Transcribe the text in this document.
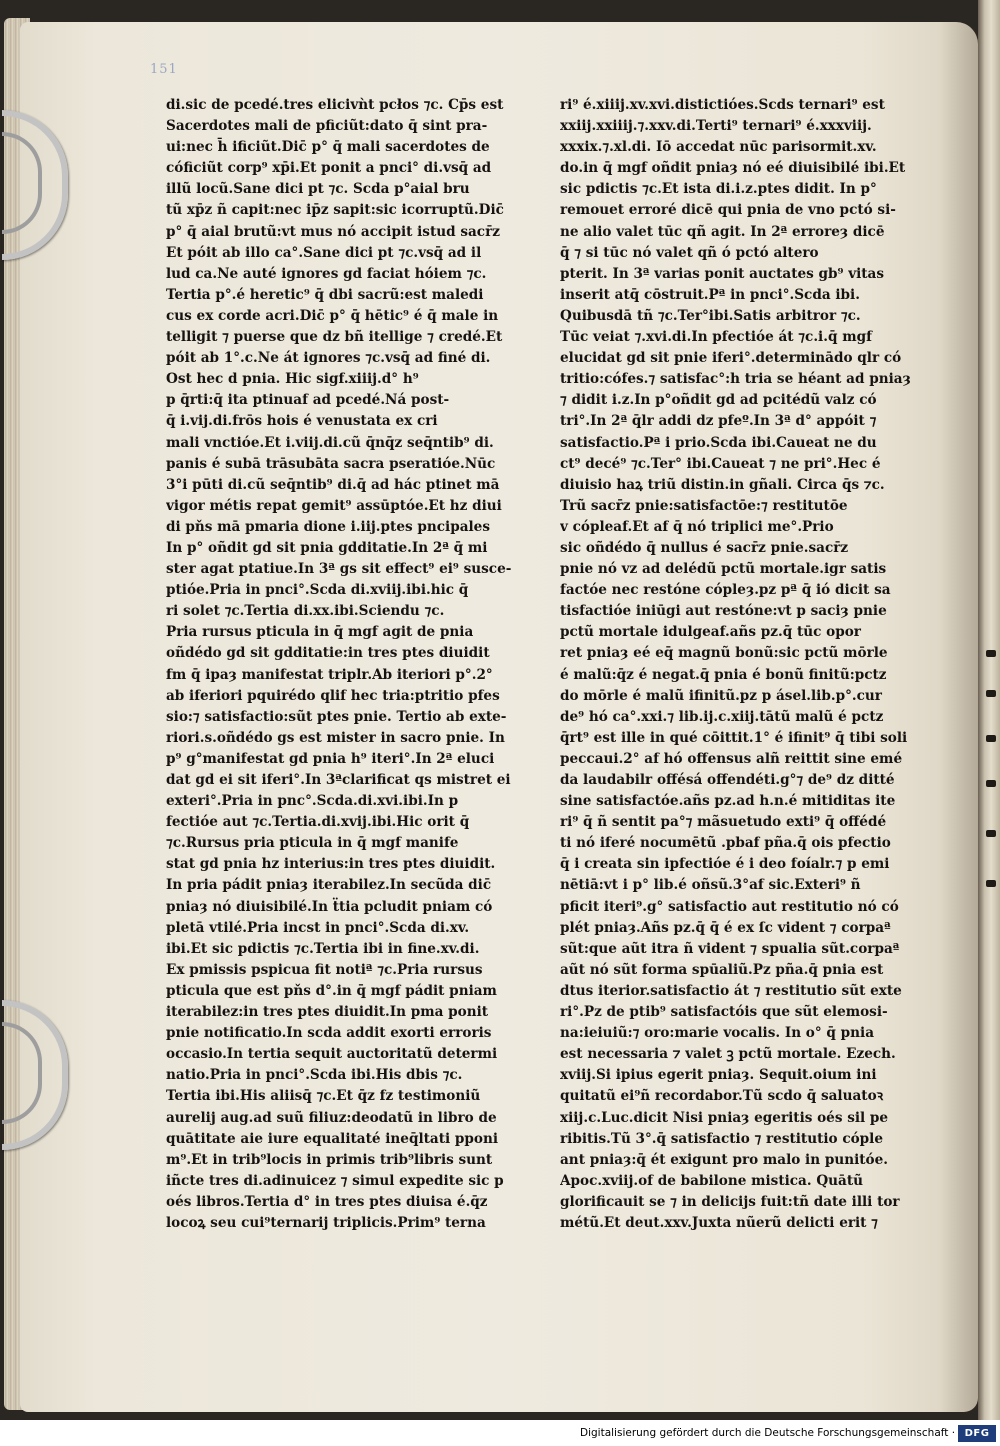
151
di.sic de pcedé.tres elicivǹt pcłos ⁊c. Cp̄s est
Sacerdotes mali de pficiũt:dato q̄ sint pra-
ui:nec h̄ ificiũt.Dic̄ p° q̄ mali sacerdotes de
cóficiũt corp⁹ xp̄i.Et ponit a pnci° di.vsq̄ ad
illũ locũ.Sane dici pt ⁊c. Scda p°aial bru
tũ xp̄z ñ capit:nec ip̄z sapit:sic icorruptũ.Dic̄
p° q̄ aial brutũ:vt mus nó accipit istud sacr̄z
Et póit ab illo ca°.Sane dici pt ⁊c.vsq̄ ad il
lud ca.Ne auté ignores gd faciat hóiem ⁊c.
Tertia p°.é heretic⁹ q̄ dbi sacrũ:est maledi
cus ex corde acri.Dic̄ p° q̄ hētic⁹ é q̄ male in
telligit ⁊ puerse que dz bñ itellige ⁊ credé.Et
póit ab 1°.c.Ne át ignores ⁊c.vsq̄ ad finé di.
Ost hec d pnia. Hic sigf.xiiij.d° h⁹
p q̄rti:q̄ ita ptinuaf ad pcedé.Ná post-
q̄ i.vij.di.frōs hois é venustata ex cri
mali vnctióe.Et i.viij.di.cũ q̄nq̄z seq̄ntib⁹ di.
panis é subā trāsubāta sacra pseratióe.Nūc
3°i pūti di.cũ seq̄ntib⁹ di.q̄ ad hác ptinet mā
vigor métis repat gemit⁹ assūptóe.Et hz diui
di pňs mā pmaria dione i.iij.ptes pncipales
In p° oñdit gd sit pnia gdditatie.In 2ª q̄ mi
ster agat ptatiue.In 3ª gs sit effect⁹ ei⁹ susce-
ptióe.Pria in pnci°.Scda di.xviij.ibi.hic q̄
ri solet ⁊c.Tertia di.xx.ibi.Sciendu ⁊c.
Pria rursus pticula in q̄ mgf agit de pnia
oñdédo gd sit gdditatie:in tres ptes diuidit
fm q̄ ipaȝ manifestat triplr.Ab iteriori p°.2°
ab iferiori pquirédo qlif hec tria:ptritio pfes
sio:⁊ satisfactio:sũt ptes pnie. Tertio ab exte-
riori.s.oñdédo gs est mister in sacro pnie. In
p⁹ g°manifestat gd pnia h⁹ iteri°.In 2ª eluci
dat gd ei sit iferi°.In 3ªclarificat qs mistret ei
exteri°.Pria in pnc°.Scda.di.xvi.ibi.In p
fectióe aut ⁊c.Tertia.di.xvij.ibi.Hic orit q̄
⁊c.Rursus pria pticula in q̄ mgf manife
stat gd pnia hz interius:in tres ptes diuidit.
In pria pádit pniaȝ iterabilez.In secũda dic̄
pniaȝ nó diuisibilé.In ẗtia pcludit pniam có
pletā vtilé.Pria incst in pnci°.Scda di.xv.
ibi.Et sic pdictis ⁊c.Tertia ibi in fine.xv.di.
Ex pmissis pspicua fit notiª ⁊c.Pria rursus
pticula que est pňs d°.in q̄ mgf pádit pniam
iterabilez:in tres ptes diuidit.In pma ponit
pnie notificatio.In scda addit exorti erroris
occasio.In tertia sequit auctoritatũ determi
natio.Pria in pnci°.Scda ibi.His dbis ⁊c.
Tertia ibi.His aliisq̄ ⁊c.Et q̄z fz testimoniũ
aurelij aug.ad suũ filiuz:deodatũ in libro de
quātitate aie iure equalitaté ineq̄ltati pponi
m⁹.Et in trib⁹locis in primis trib⁹libris sunt
iñcte tres di.adinuicez ⁊ simul expedite sic p
oés libros.Tertia d° in tres ptes diuisa é.q̄z
locoꝝ seu cui⁹ternarij triplicis.Prim⁹ terna
ri⁹ é.xiiij.xv.xvi.distictióes.Scds ternari⁹ est
xxiij.xxiiij.⁊.xxv.di.Terti⁹ ternari⁹ é.xxxviij.
xxxix.⁊.xl.di. Iō accedat nūc parisormit.xv.
do.in q̄ mgf oñdit pniaȝ nó eé diuisibilé ibi.Et
sic pdictis ⁊c.Et ista di.i.z.ptes didit. In p°
remouet erroré dicē qui pnia de vno pctó si-
ne alio valet tūc qñ agit. In 2ª erroreȝ dicē
q̄ ⁊ si tūc nó valet qñ ó pctó altero
pterit. In 3ª varias ponit auctates gb⁹ vitas
inserit atq̄ cōstruit.Pª in pnci°.Scda ibi.
Quibusdā tñ ⁊c.Ter°ibi.Satis arbitror ⁊c.
Tūc veiat ⁊.xvi.di.In pfectióe át ⁊c.i.q̄ mgf
elucidat gd sit pnie iferi°.determinādo qlr có
tritio:cófes.⁊ satisfac°:h tria se héant ad pniaȝ
⁊ didit i.z.In p°oñdit gd ad pcitédũ valz có
tri°.In 2ª q̄lr addi dz pfeº.In 3ª d° appóit ⁊
satisfactio.Pª i prio.Scda ibi.Caueat ne du
ct⁹ decé⁹ ⁊c.Ter° ibi.Caueat ⁊ ne pri°.Hec é
diuisio haꝝ triũ distin.in gñali. Circa q̄s ⁊c.
Trũ sacr̄z pnie:satisfactōe:⁊ restitutōe
v cópleaf.Et af q̄ nó triplici me°.Prio
sic oñdédo q̄ nullus é sacr̄z pnie.sacr̄z
pnie nó vz ad delédũ pctũ mortale.igr satis
factóe nec restóne cópleȝ.pz pª q̄ ió dicit sa
tisfactióe iniūgi aut restóne:vt p saciȝ pnie
pctũ mortale idulgeaf.añs pz.q̄ tūc opor
ret pniaȝ eé eq̄ magnũ bonũ:sic pctũ mōrle
é malũ:q̄z é negat.q̄ pnia é bonũ finitũ:pctz
do mōrle é malũ ifinitũ.pz p ásel.lib.p°.cur
de⁹ hó ca°.xxi.⁊ lib.ij.c.xiij.tātũ malũ é pctz
q̄rt⁹ est ille in qué cōittit.1° é ifinit⁹ q̄ tibi soli
peccaui.2° af hó offensus alñ reittit sine emé
da laudabilr offésá offendéti.g°⁊ de⁹ dz ditté
sine satisfactóe.añs pz.ad h.n.é mitiditas ite
ri⁹ q̄ ñ sentit pa°⁊ mãsuetudo exti⁹ q̄ offédé
ti nó iferé nocumētũ .pbaf pña.q̄ ois pfectio
q̄ i creata sin ipfectióe é i deo foíalr.⁊ p emi
nētiā:vt i p° lib.é oñsũ.3°af sic.Exteri⁹ ñ
pficit iteri⁹.g° satisfactio aut restitutio nó có
plét pniaȝ.Añs pz.q̄ q̄ é ex ſc vident ⁊ corpaª
sũt:que aũt itra ñ vident ⁊ spualia sũt.corpaª
aũt nó sũt forma spūaliũ.Pz pña.q̄ pnia est
dtus iterior.satisfactio át ⁊ restitutio sũt exte
ri°.Pz de ptib⁹ satisfactóis que sũt elemosi-
na:ieiuiũ:⁊ oro:marie vocalis. In o° q̄ pnia
est necessaria ⁊ valet ꝫ pctũ mortale. Ezech.
xviij.Si ipius egerit pniaȝ. Sequit.oium ini
quitatũ ei⁹ñ recordabor.Tũ scdo q̄ saluatoꝛ
xiij.c.Luc.dicit Nisi pniaȝ egeritis oés sil pe
ribitis.Tũ 3°.q̄ satisfactio ⁊ restitutio cóple
ant pniaȝ:q̄ ét exigunt pro malo in punitóe.
Apoc.xviij.of de babilone mistica. Quātũ
glorificauit se ⁊ in delicijs fuit:tñ date illi tor
métũ.Et deut.xxv.Juxta nũerũ delicti erit ⁊
Digitalisierung gefördert durch die Deutsche Forschungsgemeinschaft · DFG
